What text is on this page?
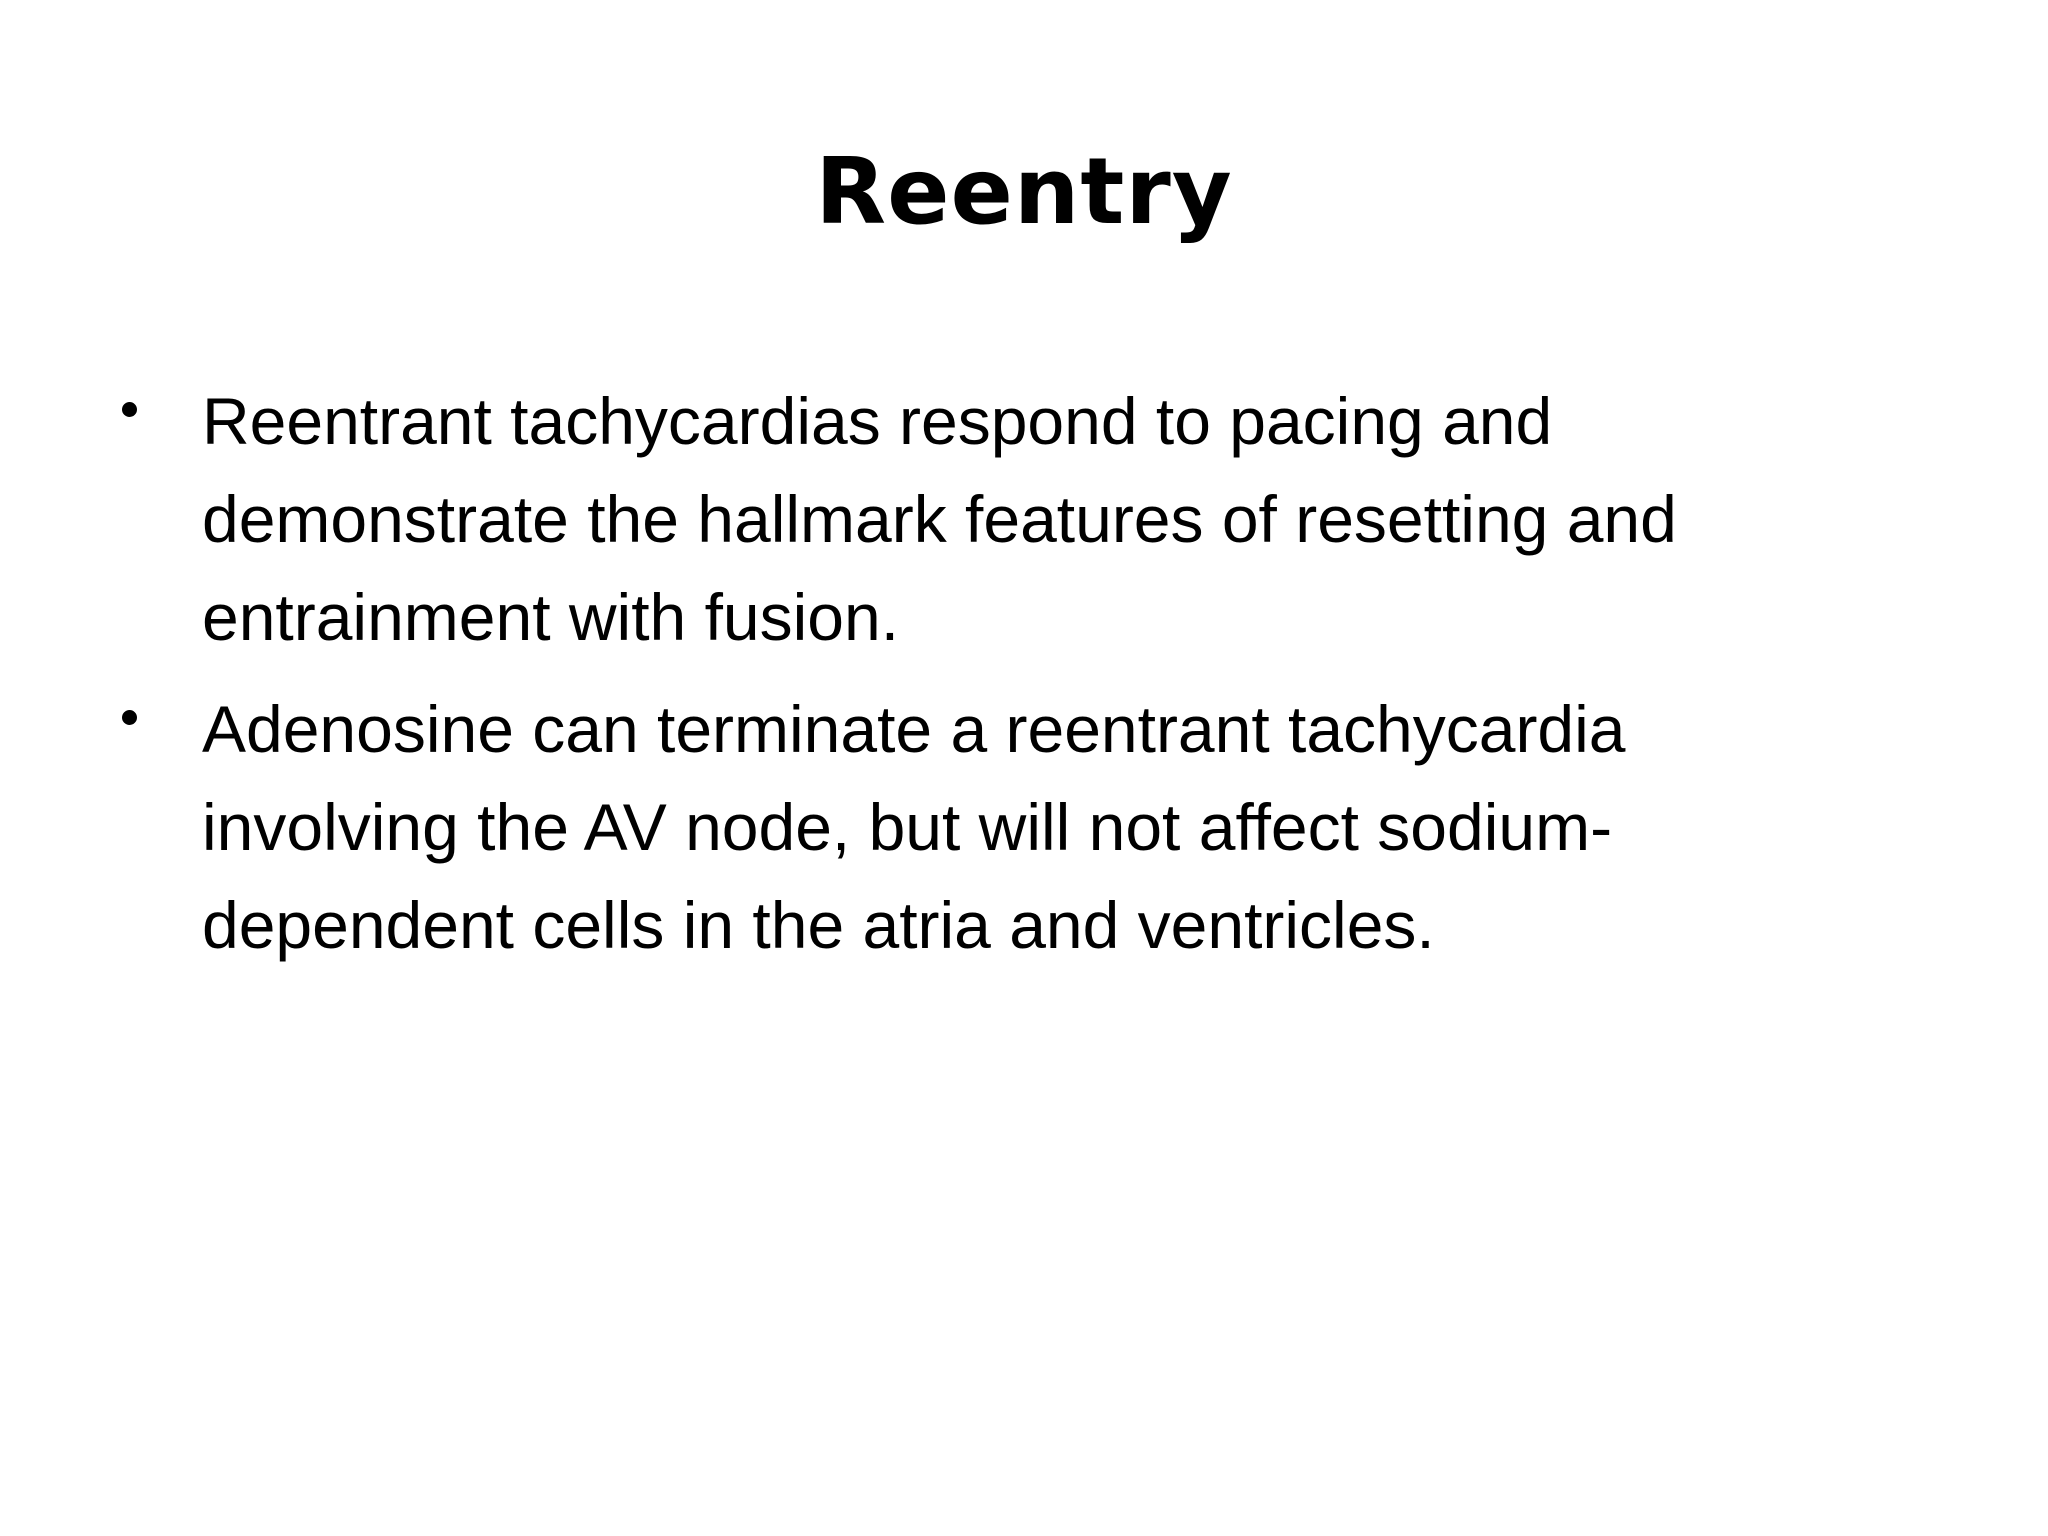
Reentry
Reentrant tachycardias respond to pacing and
demonstrate the hallmark features of resetting and
entrainment with fusion.
Adenosine can terminate a reentrant tachycardia
involving the AV node, but will not affect sodium-
dependent cells in the atria and ventricles.
